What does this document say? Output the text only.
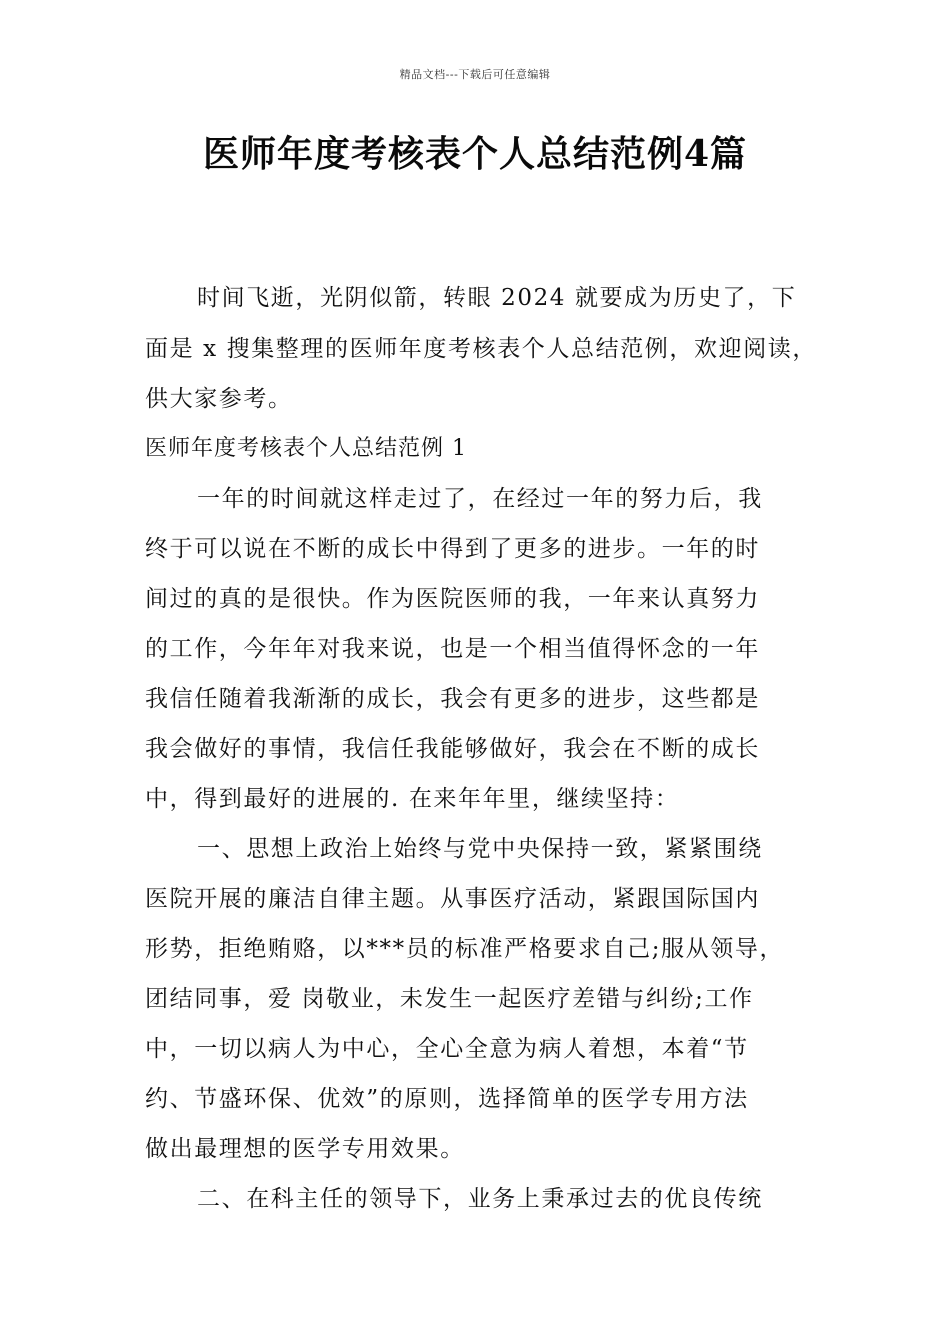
精品文档---下载后可任意编辑
医师年度考核表个人总结范例4篇
时间飞逝，光阴似箭，转眼 2024 就要成为历史了，下
面是 x 搜集整理的医师年度考核表个人总结范例，欢迎阅读，
供大家参考。
医师年度考核表个人总结范例 1
一年的时间就这样走过了，在经过一年的努力后，我
终于可以说在不断的成长中得到了更多的进步。一年的时
间过的真的是很快。作为医院医师的我，一年来认真努力
的工作，今年年对我来说，也是一个相当值得怀念的一年
我信任随着我渐渐的成长，我会有更多的进步，这些都是
我会做好的事情，我信任我能够做好，我会在不断的成长
中，得到最好的进展的. 在来年年里，继续坚持：
一、思想上政治上始终与党中央保持一致，紧紧围绕
医院开展的廉洁自律主题。从事医疗活动，紧跟国际国内
形势，拒绝贿赂，以***员的标准严格要求自己;服从领导，
团结同事，爱 岗敬业，未发生一起医疗差错与纠纷;工作
中，一切以病人为中心，全心全意为病人着想，本着“节
约、节盛环保、优效”的原则，选择简单的医学专用方法
做出最理想的医学专用效果。
二、在科主任的领导下，业务上秉承过去的优良传统
